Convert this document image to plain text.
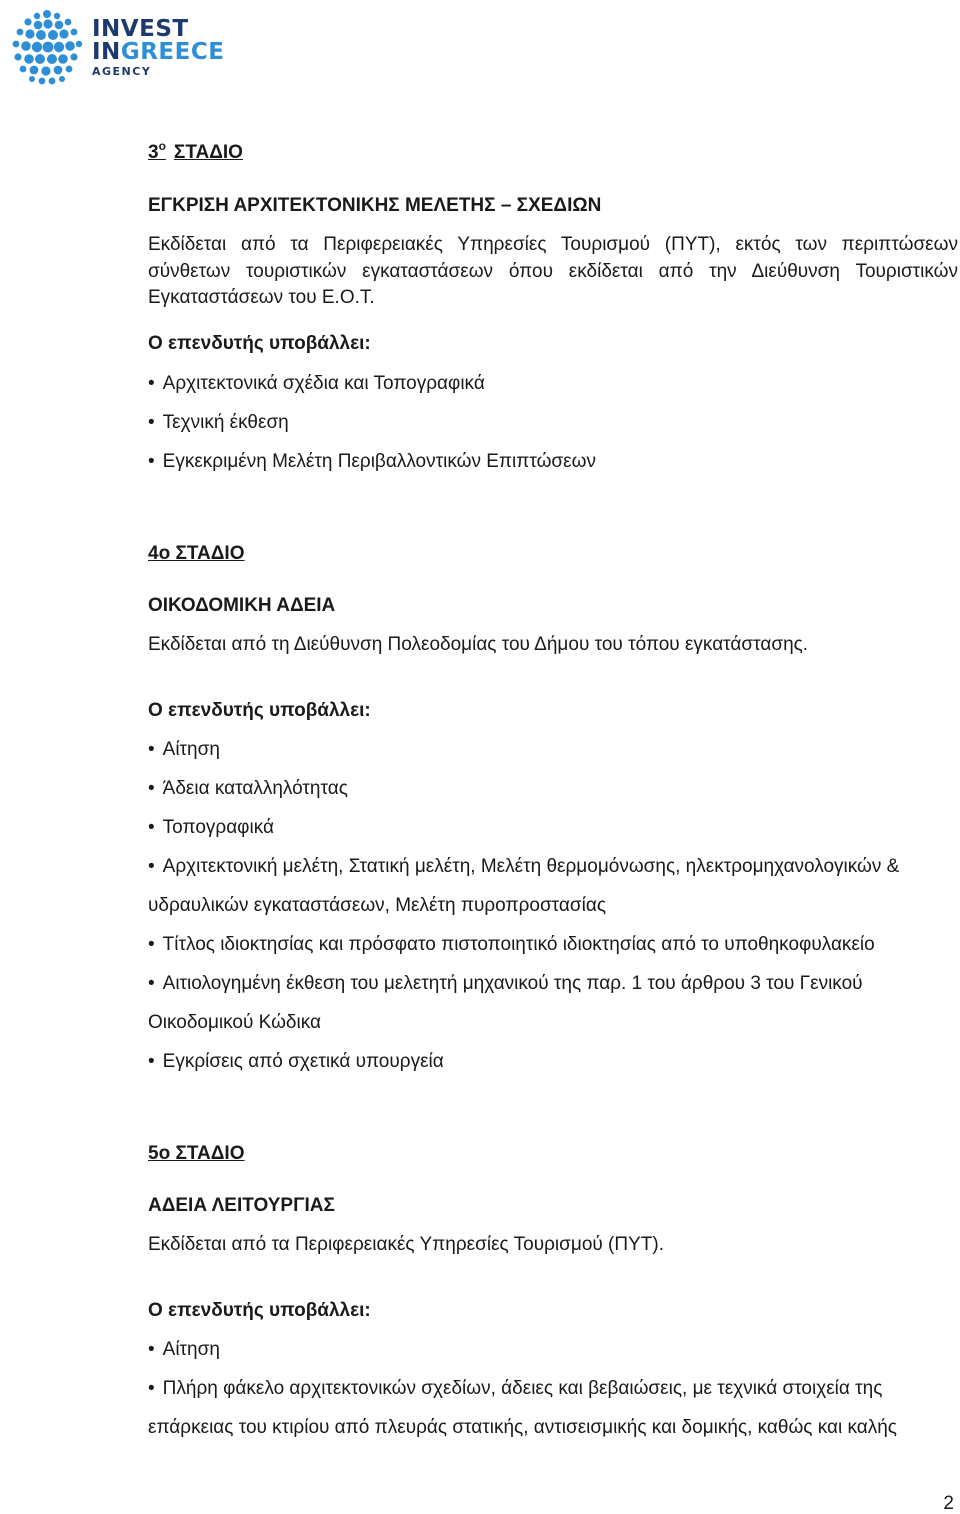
INVEST
INGREECE
AGENCY

$3^o$ ΣΤΑΔΙΟ

ΕΓΚΡΙΣΗ ΑΡΧΙΤΕΚΤΟΝΙΚΗΣ ΜΕΛΕΤΗΣ – ΣΧΕΔΙΩΝ

Εκδίδεται από τα Περιφερειακές Υπηρεσίες Τουρισμού (ΠΥΤ), εκτός των περιπτώσεων σύνθετων τουριστικών εγκαταστάσεων όπου εκδίδεται από την Διεύθυνση Τουριστικών Εγκαταστάσεων του Ε.Ο.Τ.

Ο επενδυτής υποβάλλει:

• Αρχιτεκτονικά σχέδια και Τοπογραφικά

• Τεχνική έκθεση

• Εγκεκριμένη Μελέτη Περιβαλλοντικών Επιπτώσεων

4ο ΣΤΑΔΙΟ

ΟΙΚΟΔΟΜΙΚΗ ΑΔΕΙΑ

Εκδίδεται από τη Διεύθυνση Πολεοδομίας του Δήμου του τόπου εγκατάστασης.

Ο επενδυτής υποβάλλει:

• Αίτηση

• Άδεια καταλληλότητας

• Τοπογραφικά

• Αρχιτεκτονική μελέτη, Στατική μελέτη, Μελέτη θερμομόνωσης, ηλεκτρομηχανολογικών &

υδραυλικών εγκαταστάσεων, Μελέτη πυροπροστασίας

• Τίτλος ιδιοκτησίας και πρόσφατο πιστοποιητικό ιδιοκτησίας από το υποθηκοφυλακείο

• Αιτιολογημένη έκθεση του μελετητή μηχανικού της παρ. 1 του άρθρου 3 του Γενικού

Οικοδομικού Κώδικα

• Εγκρίσεις από σχετικά υπουργεία

5ο ΣΤΑΔΙΟ

ΑΔΕΙΑ ΛΕΙΤΟΥΡΓΙΑΣ

Εκδίδεται από τα Περιφερειακές Υπηρεσίες Τουρισμού (ΠΥΤ).

Ο επενδυτής υποβάλλει:

• Αίτηση

• Πλήρη φάκελο αρχιτεκτονικών σχεδίων, άδειες και βεβαιώσεις, με τεχνικά στοιχεία της

επάρκειας του κτιρίου από πλευράς στατικής, αντισεισμικής και δομικής, καθώς και καλής

2
